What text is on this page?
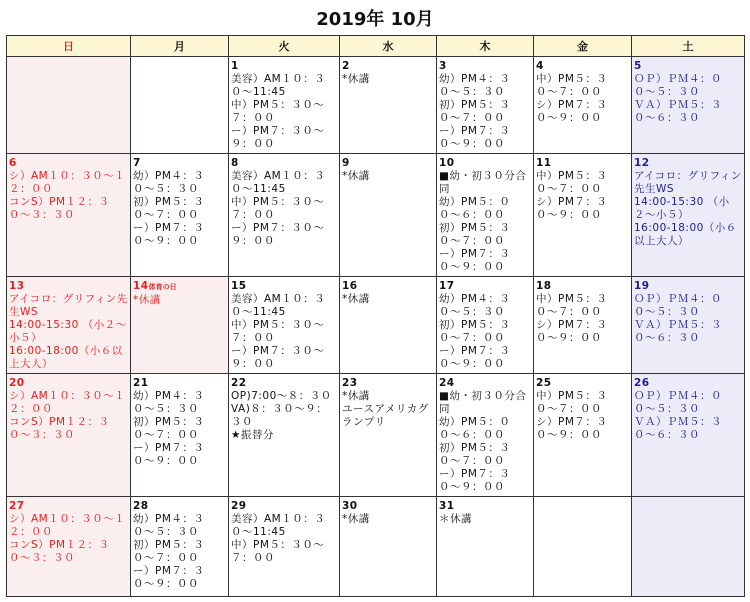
2019年 10月
日	月	火	水	木	金	土

		1
美容）AM１０：３０〜11:45
中）PM５：３０〜７：００
ー）PM７：３０〜９：００	2
*休講	3
幼）PM４：３０〜５：３０
初）PM５：３０〜７：００
ー）PM７：３０〜９：００	4
中）PM５：３０〜７：００
シ）PM７：３０〜９：００	5
ＯＰ）ＰＭ４：００〜５：３０
ＶＡ）ＰＭ５：３０〜６：３０

6
シ）AM１０：３０〜１２：００
コンS）PM１２：３０〜３：３０	7
幼）PM４：３０〜５：３０
初）PM５：３０〜７：００
ー）PM７：３０〜９：００	8
美容）AM１０：３０〜11:45
中）PM５：３０〜７：００
ー）PM７：３０〜９：００	9
*休講	10
■幼・初３０分合同
幼）PM５：００〜６：００
初）PM５：３０〜７：００
ー）PM７：３０〜９：００	11
中）PM５：３０〜７：００
シ）PM７：３０〜９：００	12
アイコロ：グリフィン先生WS
14:00-15:30 （小２〜小５）
16:00-18:00（小６以上大人）

13
アイコロ：グリフィン先生WS
14:00-15:30 （小２〜小５）
16:00-18:00（小６以上大人）	14体育の日
*休講	15
美容）AM１０：３０〜11:45
中）PM５：３０〜７：００
ー）PM７：３０〜９：００	16
*休講	17
幼）PM４：３０〜５：３０
初）PM５：３０〜７：００
ー）PM７：３０〜９：００	18
中）PM５：３０〜７：００
シ）PM７：３０〜９：００	19
ＯＰ）ＰＭ４：００〜５：３０
ＶＡ）ＰＭ５：３０〜６：３０

20
シ）AM１０：３０〜１２：００
コンS）PM１２：３０〜３：３０	21
幼）PM４：３０〜５：３０
初）PM５：３０〜７：００
ー）PM７：３０〜９：００	22
OP)7:00〜８：３０
VA)８：３０〜９：３０
★振替分	23
*休講
ユースアメリカグランプリ	24
■幼・初３０分合同
幼）PM５：００〜６：００
初）PM５：３０〜７：００
ー）PM７：３０〜９：００	25
中）PM５：３０〜７：００
シ）PM７：３０〜９：００	26
ＯＰ）ＰＭ４：００〜５：３０
ＶＡ）ＰＭ５：３０〜６：３０

27
シ）AM１０：３０〜１２：００
コンS）PM１２：３０〜３：３０	28
幼）PM４：３０〜５：３０
初）PM５：３０〜７：００
ー）PM７：３０〜９：００	29
美容）AM１０：３０〜11:45
中）PM５：３０〜７：００	30
*休講	31
＊休講		
